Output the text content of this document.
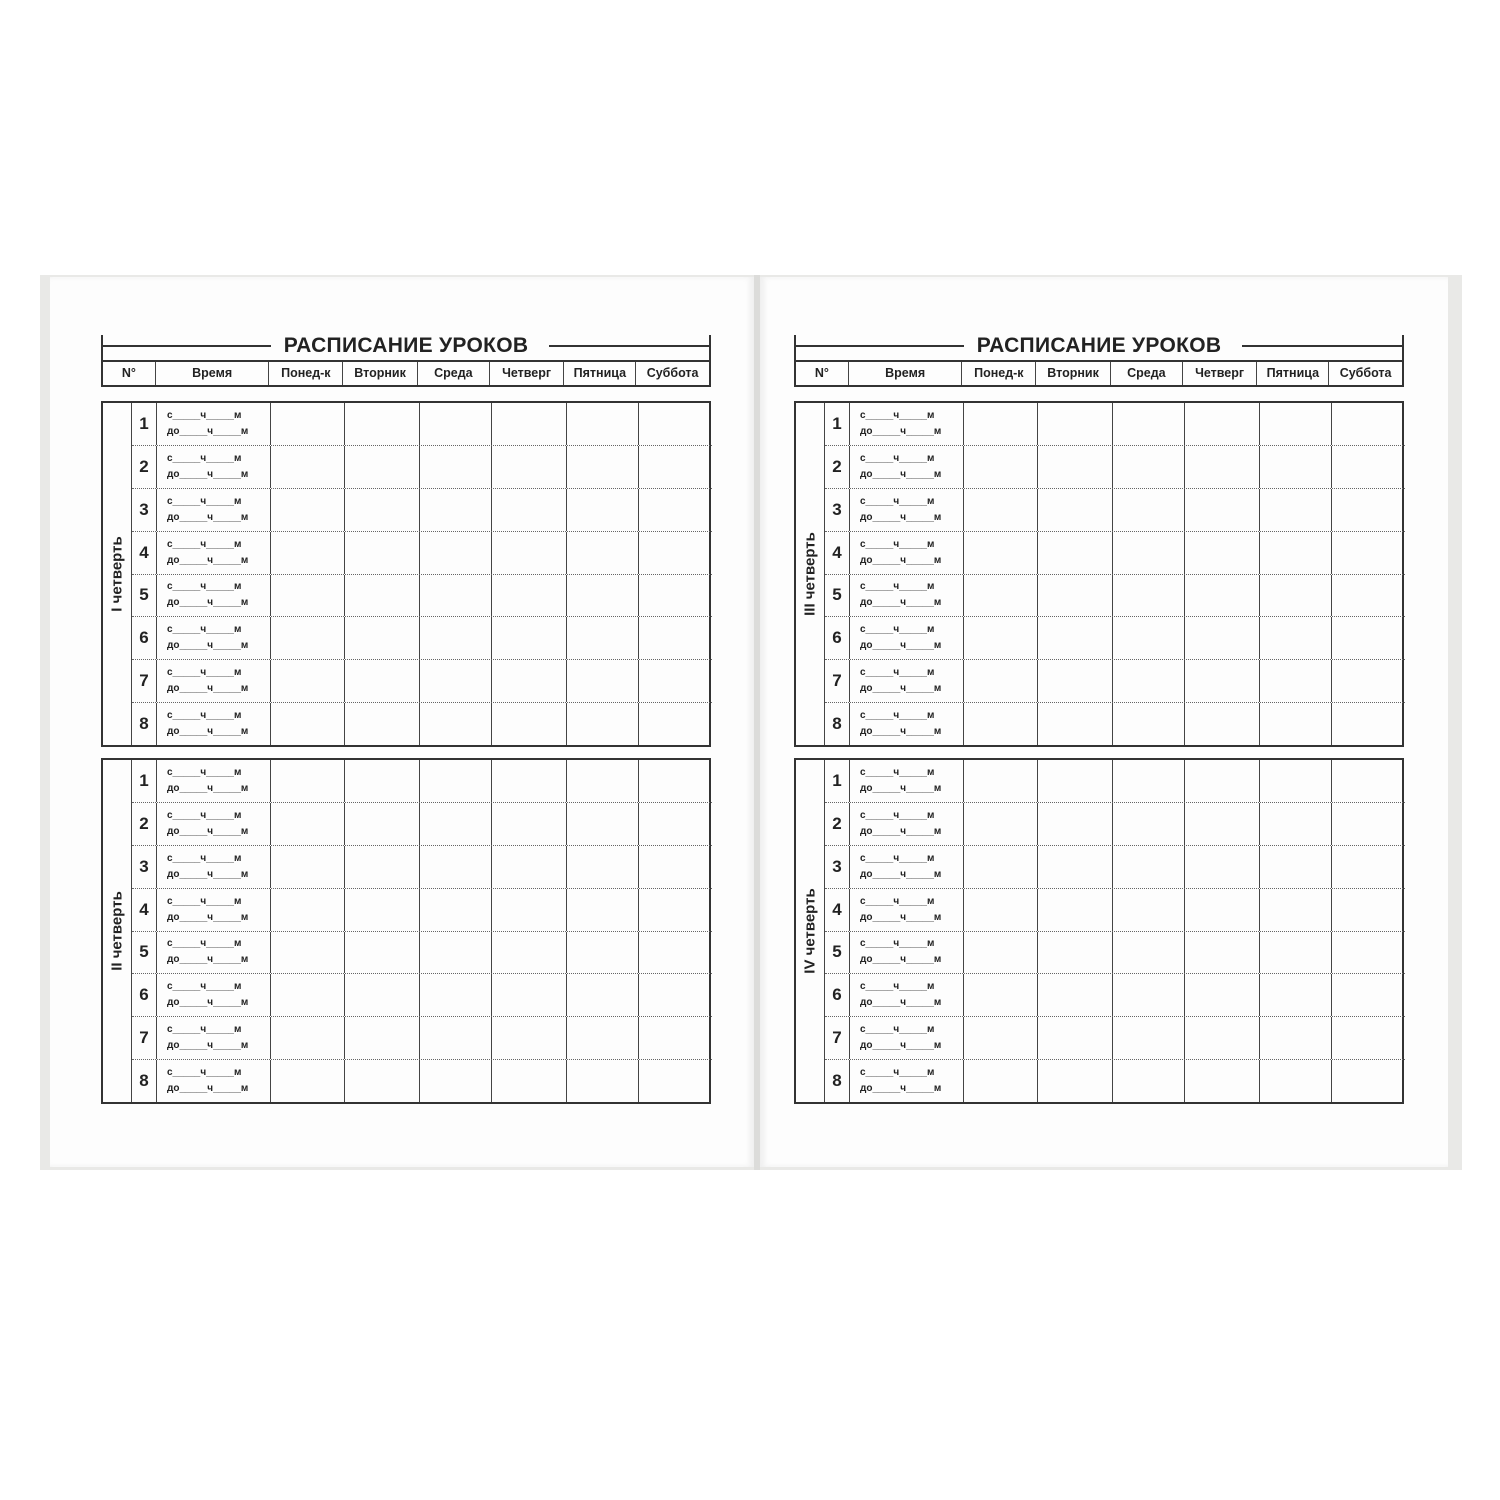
РАСПИСАНИЕ УРОКОВ
N°	Время	Понед-к	Вторник	Среда	Четверг	Пятница	Суббота
I четверть
1	с_____ч_____м
до_____ч_____м
2	с_____ч_____м
до_____ч_____м
3	с_____ч_____м
до_____ч_____м
4	с_____ч_____м
до_____ч_____м
5	с_____ч_____м
до_____ч_____м
6	с_____ч_____м
до_____ч_____м
7	с_____ч_____м
до_____ч_____м
8	с_____ч_____м
до_____ч_____м
II четверть
1	с_____ч_____м
до_____ч_____м
2	с_____ч_____м
до_____ч_____м
3	с_____ч_____м
до_____ч_____м
4	с_____ч_____м
до_____ч_____м
5	с_____ч_____м
до_____ч_____м
6	с_____ч_____м
до_____ч_____м
7	с_____ч_____м
до_____ч_____м
8	с_____ч_____м
до_____ч_____м
РАСПИСАНИЕ УРОКОВ
N°	Время	Понед-к	Вторник	Среда	Четверг	Пятница	Суббота
III четверть
1	с_____ч_____м
до_____ч_____м
2	с_____ч_____м
до_____ч_____м
3	с_____ч_____м
до_____ч_____м
4	с_____ч_____м
до_____ч_____м
5	с_____ч_____м
до_____ч_____м
6	с_____ч_____м
до_____ч_____м
7	с_____ч_____м
до_____ч_____м
8	с_____ч_____м
до_____ч_____м
IV четверть
1	с_____ч_____м
до_____ч_____м
2	с_____ч_____м
до_____ч_____м
3	с_____ч_____м
до_____ч_____м
4	с_____ч_____м
до_____ч_____м
5	с_____ч_____м
до_____ч_____м
6	с_____ч_____м
до_____ч_____м
7	с_____ч_____м
до_____ч_____м
8	с_____ч_____м
до_____ч_____м
